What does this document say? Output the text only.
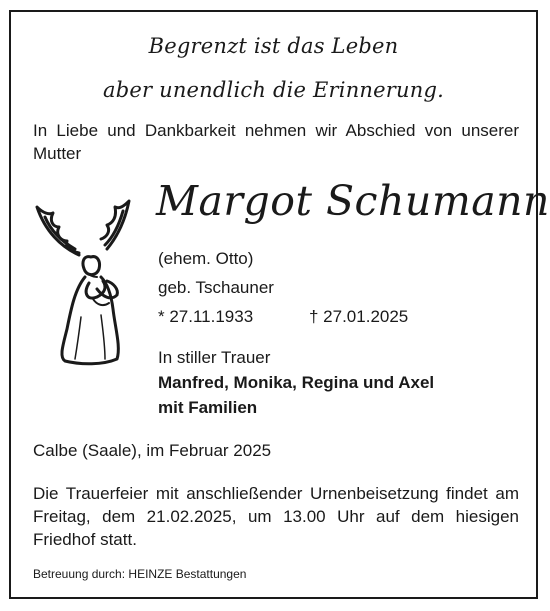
Begrenzt ist das Leben
aber unendlich die Erinnerung.
In Liebe und Dankbarkeit nehmen wir Abschied von unserer Mutter
Margot Schumann
(ehem. Otto)
geb. Tschauner
* 27.11.1933	† 27.01.2025
In stiller Trauer
Manfred, Monika, Regina und Axel
mit Familien
Calbe (Saale), im Februar 2025
Die Trauerfeier mit anschließender Urnenbeisetzung findet am Freitag, dem 21.02.2025, um 13.00 Uhr auf dem hiesigen Friedhof statt.
Betreuung durch: HEINZE Bestattungen
